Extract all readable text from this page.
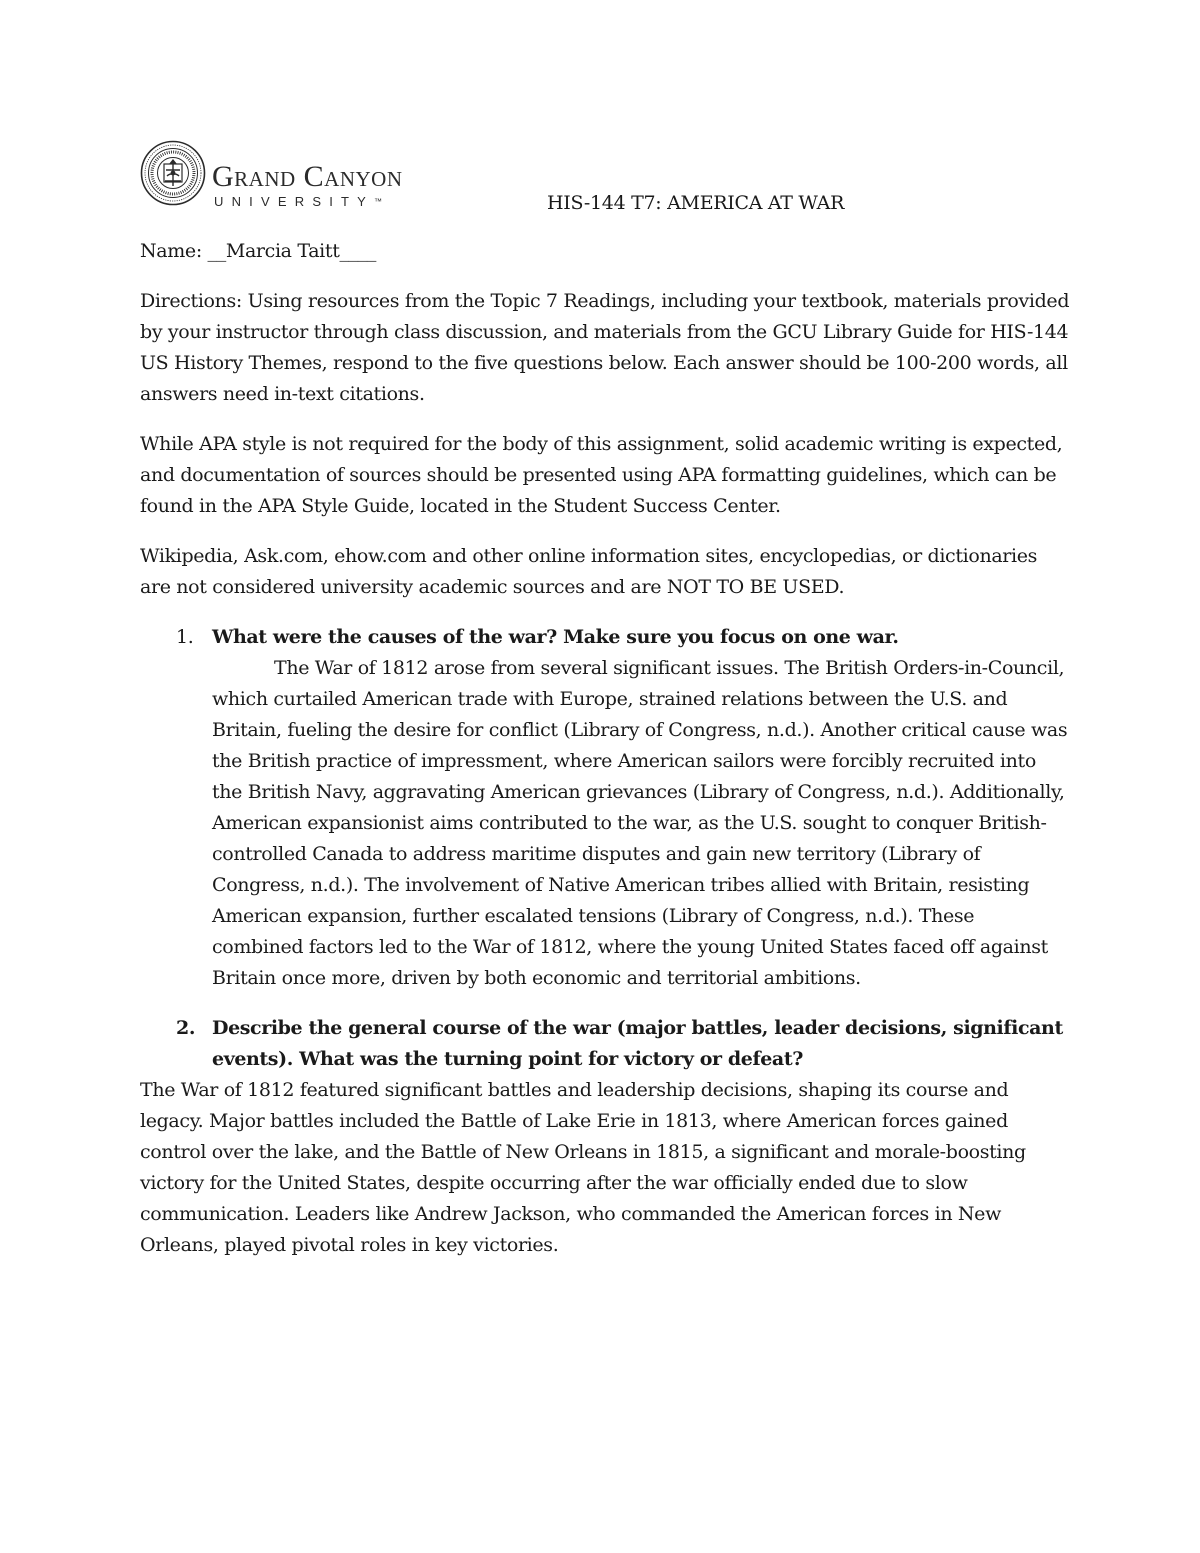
Grand Canyon
UNIVERSITY™	HIS-144 T7: AMERICA AT WAR

Name: __Marcia Taitt____

Directions: Using resources from the Topic 7 Readings, including your textbook, materials provided by your instructor through class discussion, and materials from the GCU Library Guide for HIS-144 US History Themes, respond to the five questions below. Each answer should be 100-200 words, all answers need in-text citations.

While APA style is not required for the body of this assignment, solid academic writing is expected, and documentation of sources should be presented using APA formatting guidelines, which can be found in the APA Style Guide, located in the Student Success Center.

Wikipedia, Ask.com, ehow.com and other online information sites, encyclopedias, or dictionaries are not considered university academic sources and are NOT TO BE USED.

1. What were the causes of the war? Make sure you focus on one war.

The War of 1812 arose from several significant issues. The British Orders-in-Council, which curtailed American trade with Europe, strained relations between the U.S. and Britain, fueling the desire for conflict (Library of Congress, n.d.). Another critical cause was the British practice of impressment, where American sailors were forcibly recruited into the British Navy, aggravating American grievances (Library of Congress, n.d.). Additionally, American expansionist aims contributed to the war, as the U.S. sought to conquer British-controlled Canada to address maritime disputes and gain new territory (Library of Congress, n.d.). The involvement of Native American tribes allied with Britain, resisting American expansion, further escalated tensions (Library of Congress, n.d.). These combined factors led to the War of 1812, where the young United States faced off against Britain once more, driven by both economic and territorial ambitions.

2. Describe the general course of the war (major battles, leader decisions, significant events). What was the turning point for victory or defeat?

The War of 1812 featured significant battles and leadership decisions, shaping its course and legacy. Major battles included the Battle of Lake Erie in 1813, where American forces gained control over the lake, and the Battle of New Orleans in 1815, a significant and morale-boosting victory for the United States, despite occurring after the war officially ended due to slow communication. Leaders like Andrew Jackson, who commanded the American forces in New Orleans, played pivotal roles in key victories.
